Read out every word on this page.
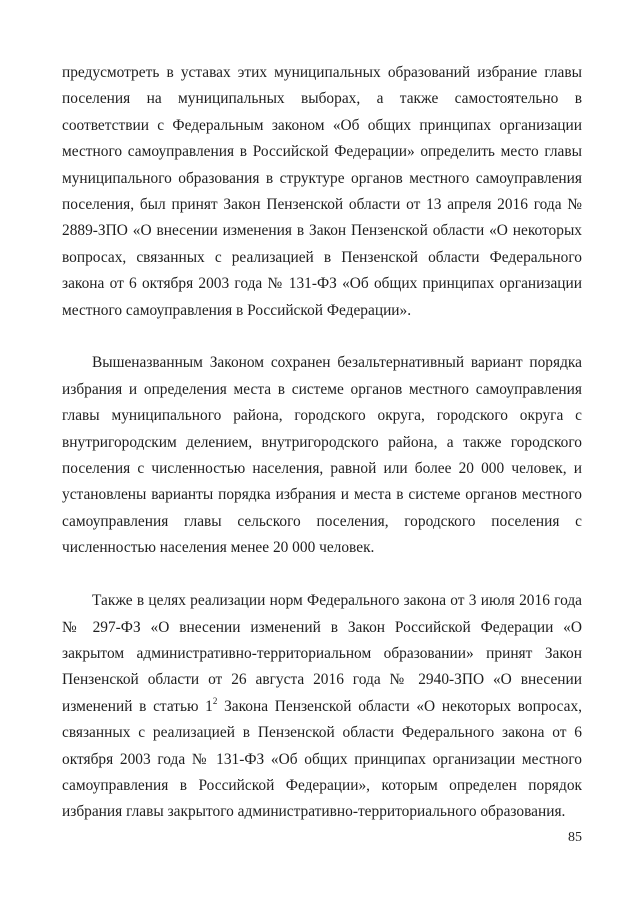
предусмотреть в уставах этих муниципальных образований избрание главы поселения на муниципальных выборах, а также самостоятельно в соответствии с Федеральным законом «Об общих принципах организации местного самоуправления в Российской Федерации» определить место главы муниципального образования в структуре органов местного самоуправления поселения, был принят Закон Пензенской области от 13 апреля 2016 года № 2889-ЗПО «О внесении изменения в Закон Пензенской области «О некоторых вопросах, связанных с реализацией в Пензенской области Федерального закона от 6 октября 2003 года № 131-ФЗ «Об общих принципах организации местного самоуправления в Российской Федерации».

Вышеназванным Законом сохранен безальтернативный вариант порядка избрания и определения места в системе органов местного самоуправления главы муниципального района, городского округа, городского округа с внутригородским делением, внутригородского района, а также городского поселения с численностью населения, равной или более 20 000 человек, и установлены варианты порядка избрания и места в системе органов местного самоуправления главы сельского поселения, городского поселения с численностью населения менее 20 000 человек.

Также в целях реализации норм Федерального закона от 3 июля 2016 года № 297-ФЗ «О внесении изменений в Закон Российской Федерации «О закрытом административно-территориальном образовании» принят Закон Пензенской области от 26 августа 2016 года № 2940-ЗПО «О внесении изменений в статью $1^2$ Закона Пензенской области «О некоторых вопросах, связанных с реализацией в Пензенской области Федерального закона от 6 октября 2003 года № 131-ФЗ «Об общих принципах организации местного самоуправления в Российской Федерации», которым определен порядок избрания главы закрытого административно-территориального образования.

85
